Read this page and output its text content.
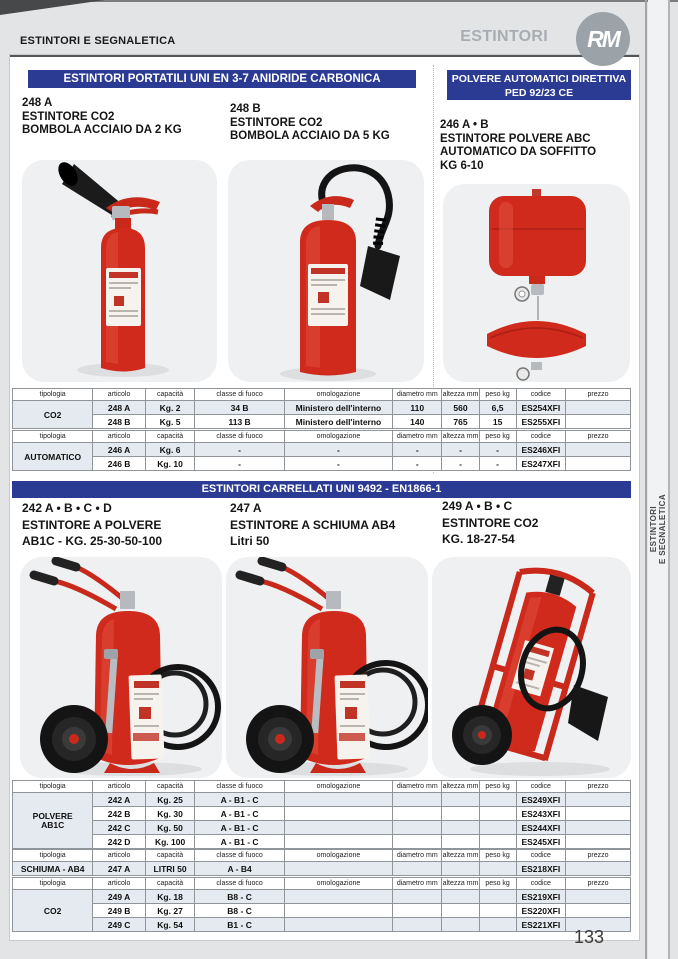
ESTINTORI E SEGNALETICA	ESTINTORI RM
ESTINTORI
E SEGNALETICA
ESTINTORI PORTATILI UNI EN 3-7 ANIDRIDE CARBONICA	POLVERE AUTOMATICI DIRETTIVA PED 92/23 CE
248 A
ESTINTORE CO2
BOMBOLA ACCIAIO DA 2 KG
248 B
ESTINTORE CO2
BOMBOLA ACCIAIO DA 5 KG
246 A • B
ESTINTORE POLVERE ABC
AUTOMATICO DA SOFFITTO
KG 6-10
tipologia	articolo	capacità	classe di fuoco	omologazione	diametro mm	altezza mm	peso kg	codice	prezzo
CO2	248 A	Kg. 2	34 B	Ministero dell'interno	110	560	6,5	ES254XFI	
	248 B	Kg. 5	113 B	Ministero dell'interno	140	765	15	ES255XFI	
tipologia	articolo	capacità	classe di fuoco	omologazione	diametro mm	altezza mm	peso kg	codice	prezzo
AUTOMATICO	246 A	Kg. 6	-	-	-	-	-	ES246XFI	
	246 B	Kg. 10	-	-	-	-	-	ES247XFI	
ESTINTORI CARRELLATI UNI 9492 - EN1866-1
242 A • B • C • D
ESTINTORE A POLVERE
AB1C - KG. 25-30-50-100
247 A
ESTINTORE A SCHIUMA AB4
Litri 50
249 A • B • C
ESTINTORE CO2
KG. 18-27-54
tipologia	articolo	capacità	classe di fuoco	omologazione	diametro mm	altezza mm	peso kg	codice	prezzo
POLVERE AB1C	242 A	Kg. 25	A - B1 - C					ES249XFI	
	242 B	Kg. 30	A - B1 - C					ES243XFI	
	242 C	Kg. 50	A - B1 - C					ES244XFI	
	242 D	Kg. 100	A - B1 - C					ES245XFI	
tipologia	articolo	capacità	classe di fuoco	omologazione	diametro mm	altezza mm	peso kg	codice	prezzo
SCHIUMA - AB4	247 A	LITRI 50	A - B4					ES218XFI	
tipologia	articolo	capacità	classe di fuoco	omologazione	diametro mm	altezza mm	peso kg	codice	prezzo
CO2	249 A	Kg. 18	B8 - C					ES219XFI	
	249 B	Kg. 27	B8 - C					ES220XFI	
	249 C	Kg. 54	B1 - C					ES221XFI	
133
